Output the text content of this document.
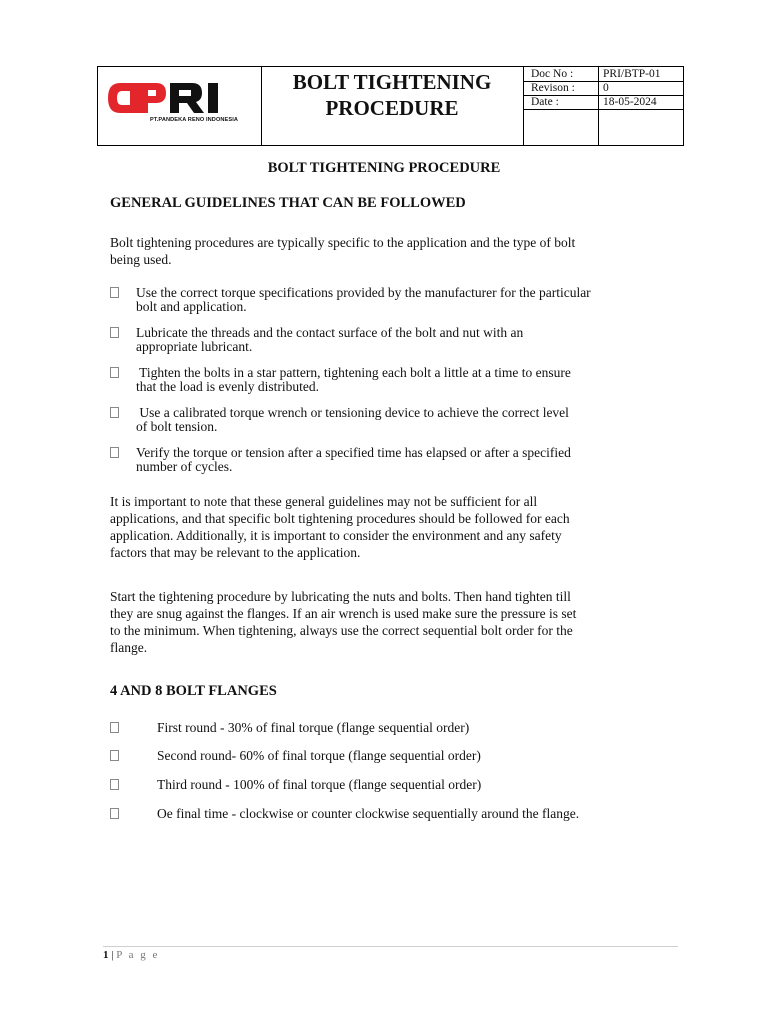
PT.PANDEKA RENO INDONESIA
BOLT TIGHTENING
PROCEDURE
Doc No :	PRI/BTP-01
Revison : 0
Date :	18-05-2024
BOLT TIGHTENING PROCEDURE
GENERAL GUIDELINES THAT CAN BE FOLLOWED
Bolt tightening procedures are typically specific to the application and the type of bolt
being used.
Use the correct torque specifications provided by the manufacturer for the particular
bolt and application.
Lubricate the threads and the contact surface of the bolt and nut with an
appropriate lubricant.
Tighten the bolts in a star pattern, tightening each bolt a little at a time to ensure
that the load is evenly distributed.
Use a calibrated torque wrench or tensioning device to achieve the correct level
of bolt tension.
Verify the torque or tension after a specified time has elapsed or after a specified
number of cycles.
It is important to note that these general guidelines may not be sufficient for all
applications, and that specific bolt tightening procedures should be followed for each
application. Additionally, it is important to consider the environment and any safety
factors that may be relevant to the application.
Start the tightening procedure by lubricating the nuts and bolts. Then hand tighten till
they are snug against the flanges. If an air wrench is used make sure the pressure is set
to the minimum. When tightening, always use the correct sequential bolt order for the
flange.
4 AND 8 BOLT FLANGES
First round - 30% of final torque (flange sequential order)
Second round- 60% of final torque (flange sequential order)
Third round - 100% of final torque (flange sequential order)
Oe final time - clockwise or counter clockwise sequentially around the flange.
1 | P a g e
